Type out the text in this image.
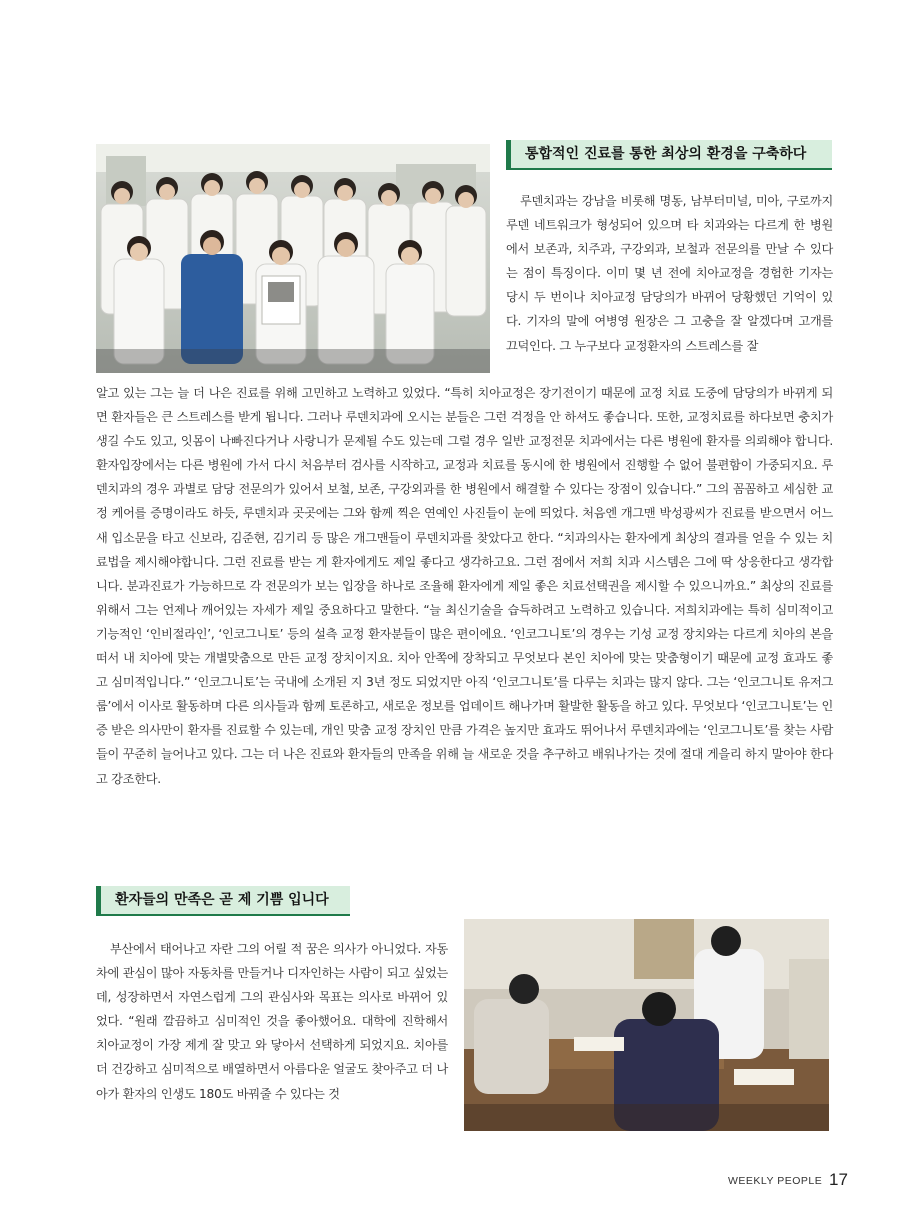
통합적인 진료를 통한 최상의 환경을 구축하다

루덴치과는 강남을 비롯해 명동, 남부터미널, 미아, 구로까지 루덴 네트워크가 형성되어 있으며 타 치과와는 다르게 한 병원에서 보존과, 치주과, 구강외과, 보철과 전문의를 만날 수 있다는 점이 특징이다. 이미 몇 년 전에 치아교정을 경험한 기자는 당시 두 번이나 치아교정 담당의가 바뀌어 당황했던 기억이 있다. 기자의 말에 여병영 원장은 그 고충을 잘 알겠다며 고개를 끄덕인다. 그 누구보다 교정환자의 스트레스를 잘

알고 있는 그는 늘 더 나은 진료를 위해 고민하고 노력하고 있었다. “특히 치아교정은 장기전이기 때문에 교정 치료 도중에 담당의가 바뀌게 되면 환자들은 큰 스트레스를 받게 됩니다. 그러나 루덴치과에 오시는 분들은 그런 걱정을 안 하셔도 좋습니다. 또한, 교정치료를 하다보면 충치가 생길 수도 있고, 잇몸이 나빠진다거나 사랑니가 문제될 수도 있는데 그럴 경우 일반 교정전문 치과에서는 다른 병원에 환자를 의뢰해야 합니다. 환자입장에서는 다른 병원에 가서 다시 처음부터 검사를 시작하고, 교정과 치료를 동시에 한 병원에서 진행할 수 없어 불편함이 가중되지요. 루덴치과의 경우 과별로 담당 전문의가 있어서 보철, 보존, 구강외과를 한 병원에서 해결할 수 있다는 장점이 있습니다.” 그의 꼼꼼하고 세심한 교정 케어를 증명이라도 하듯, 루덴치과 곳곳에는 그와 함께 찍은 연예인 사진들이 눈에 띄었다. 처음엔 개그맨 박성광씨가 진료를 받으면서 어느새 입소문을 타고 신보라, 김준현, 김기리 등 많은 개그맨들이 루덴치과를 찾았다고 한다. “치과의사는 환자에게 최상의 결과를 얻을 수 있는 치료법을 제시해야합니다. 그런 진료를 받는 게 환자에게도 제일 좋다고 생각하고요. 그런 점에서 저희 치과 시스템은 그에 딱 상응한다고 생각합니다. 분과진료가 가능하므로 각 전문의가 보는 입장을 하나로 조율해 환자에게 제일 좋은 치료선택권을 제시할 수 있으니까요.” 최상의 진료를 위해서 그는 언제나 깨어있는 자세가 제일 중요하다고 말한다. “늘 최신기술을 습득하려고 노력하고 있습니다. 저희치과에는 특히 심미적이고 기능적인 ‘인비절라인’, ‘인코그니토’ 등의 설측 교정 환자분들이 많은 편이에요. ‘인코그니토’의 경우는 기성 교정 장치와는 다르게 치아의 본을 떠서 내 치아에 맞는 개별맞춤으로 만든 교정 장치이지요. 치아 안쪽에 장착되고 무엇보다 본인 치아에 맞는 맞춤형이기 때문에 교정 효과도 좋고 심미적입니다.” ‘인코그니토’는 국내에 소개된 지 3년 정도 되었지만 아직 ‘인코그니토’를 다루는 치과는 많지 않다. 그는 ‘인코그니토 유저그룹’에서 이사로 활동하며 다른 의사들과 함께 토론하고, 새로운 정보를 업데이트 해나가며 활발한 활동을 하고 있다. 무엇보다 ‘인코그니토’는 인증 받은 의사만이 환자를 진료할 수 있는데, 개인 맞춤 교정 장치인 만큼 가격은 높지만 효과도 뛰어나서 루덴치과에는 ‘인코그니토’를 찾는 사람들이 꾸준히 늘어나고 있다. 그는 더 나은 진료와 환자들의 만족을 위해 늘 새로운 것을 추구하고 배워나가는 것에 절대 게을리 하지 말아야 한다고 강조한다.

환자들의 만족은 곧 제 기쁨 입니다

부산에서 태어나고 자란 그의 어릴 적 꿈은 의사가 아니었다. 자동차에 관심이 많아 자동차를 만들거나 디자인하는 사람이 되고 싶었는데, 성장하면서 자연스럽게 그의 관심사와 목표는 의사로 바뀌어 있었다. “원래 깔끔하고 심미적인 것을 좋아했어요. 대학에 진학해서 치아교정이 가장 제게 잘 맞고 와 닿아서 선택하게 되었지요. 치아를 더 건강하고 심미적으로 배열하면서 아름다운 얼굴도 찾아주고 더 나아가 환자의 인생도 180도 바꿔줄 수 있다는 것

WEEKLY PEOPLE 17
